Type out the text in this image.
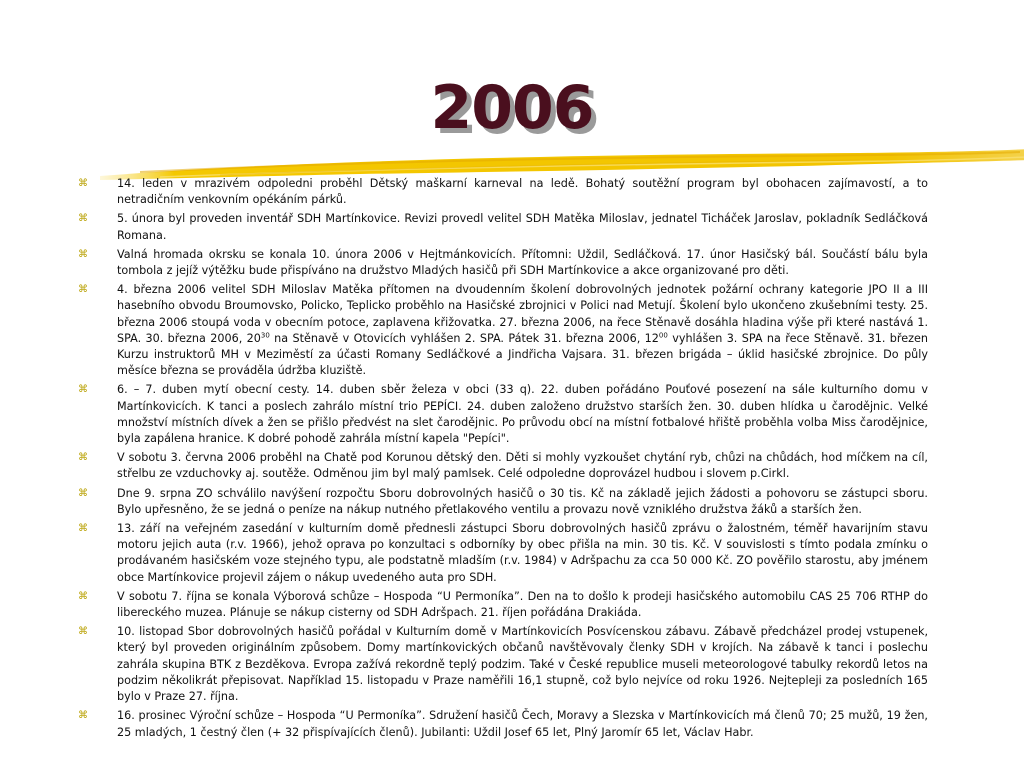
2006
⌘	14. leden v mrazivém odpoledni proběhl Dětský maškarní karneval na ledě. Bohatý soutěžní program byl obohacen zajímavostí, a to netradičním venkovním opékáním párků.
⌘	5. února byl proveden inventář SDH Martínkovice. Revizi provedl velitel SDH Matěka Miloslav, jednatel Ticháček Jaroslav, pokladník Sedláčková Romana.
⌘	Valná hromada okrsku se konala 10. února 2006 v Hejtmánkovicích. Přítomni: Uždil, Sedláčková. 17. únor Hasičský bál. Součástí bálu byla tombola z jejíž výtěžku bude přispíváno na družstvo Mladých hasičů při SDH Martínkovice a akce organizované pro děti.
⌘	4. března 2006 velitel SDH Miloslav Matěka přítomen na dvoudenním školení dobrovolných jednotek požární ochrany kategorie JPO II a III hasebního obvodu Broumovsko, Policko, Teplicko proběhlo na Hasičské zbrojnici v Polici nad Metují. Školení bylo ukončeno zkušebními testy. 25. března 2006 stoupá voda v obecním potoce, zaplavena křižovatka. 27. března 2006, na řece Stěnavě dosáhla hladina výše při které nastává 1. SPA. 30. března 2006, $20^{30}$ na Stěnavě v Otovicích vyhlášen 2. SPA. Pátek 31. března 2006, $12^{00}$ vyhlášen 3. SPA na řece Stěnavě. 31. březen Kurzu instruktorů MH v Meziměstí za účasti Romany Sedláčkové a Jindřicha Vajsara. 31. březen brigáda – úklid hasičské zbrojnice. Do půly měsíce března se prováděla údržba kluziště.
⌘	6. – 7. duben mytí obecní cesty. 14. duben sběr železa v obci (33 q). 22. duben pořádáno Pouťové posezení na sále kulturního domu v Martínkovicích. K tanci a poslech zahrálo místní trio PEPÍCI. 24. duben založeno družstvo starších žen. 30. duben hlídka u čarodějnic. Velké množství místních dívek a žen se přišlo předvést na slet čarodějnic. Po průvodu obcí na místní fotbalové hřiště proběhla volba Miss čarodějnice, byla zapálena hranice. K dobré pohodě zahrála místní kapela "Pepíci".
⌘	V sobotu 3. června 2006 proběhl na Chatě pod Korunou dětský den. Děti si mohly vyzkoušet chytání ryb, chůzi na chůdách, hod míčkem na cíl, střelbu ze vzduchovky aj. soutěže. Odměnou jim byl malý pamlsek. Celé odpoledne doprovázel hudbou i slovem p.Cirkl.
⌘	Dne 9. srpna ZO schválilo navýšení rozpočtu Sboru dobrovolných hasičů o 30 tis. Kč na základě jejich žádosti a pohovoru se zástupci sboru. Bylo upřesněno, že se jedná o peníze na nákup nutného přetlakového ventilu a provazu nově vzniklého družstva žáků a starších žen.
⌘	13. září na veřejném zasedání v kulturním domě přednesli zástupci Sboru dobrovolných hasičů zprávu o žalostném, téměř havarijním stavu motoru jejich auta (r.v. 1966), jehož oprava po konzultaci s odborníky by obec přišla na min. 30 tis. Kč. V souvislosti s tímto podala zmínku o prodávaném hasičském voze stejného typu, ale podstatně mladším (r.v. 1984) v Adršpachu za cca 50 000 Kč. ZO pověřilo starostu, aby jménem obce Martínkovice projevil zájem o nákup uvedeného auta pro SDH.
⌘	V sobotu 7. října se konala Výborová schůze – Hospoda “U Permoníka”. Den na to došlo k prodeji hasičského automobilu CAS 25 706 RTHP do libereckého muzea. Plánuje se nákup cisterny od SDH Adršpach. 21. říjen pořádána Drakiáda.
⌘	10. listopad Sbor dobrovolných hasičů pořádal v Kulturním domě v Martínkovicích Posvícenskou zábavu. Zábavě předcházel prodej vstupenek, který byl proveden originálním způsobem. Domy martínkovických občanů navštěvovaly členky SDH v krojích. Na zábavě k tanci i poslechu zahrála skupina BTK z Bezděkova. Evropa zažívá rekordně teplý podzim. Také v České republice museli meteorologové tabulky rekordů letos na podzim několikrát přepisovat. Například 15. listopadu v Praze naměřili 16,1 stupně, což bylo nejvíce od roku 1926. Nejtepleji za posledních 165 bylo v Praze 27. října.
⌘	16. prosinec Výroční schůze – Hospoda “U Permoníka”. Sdružení hasičů Čech, Moravy a Slezska v Martínkovicích má členů 70; 25 mužů, 19 žen, 25 mladých, 1 čestný člen (+ 32 přispívajících členů). Jubilanti: Uždil Josef 65 let, Plný Jaromír 65 let, Václav Habr.
